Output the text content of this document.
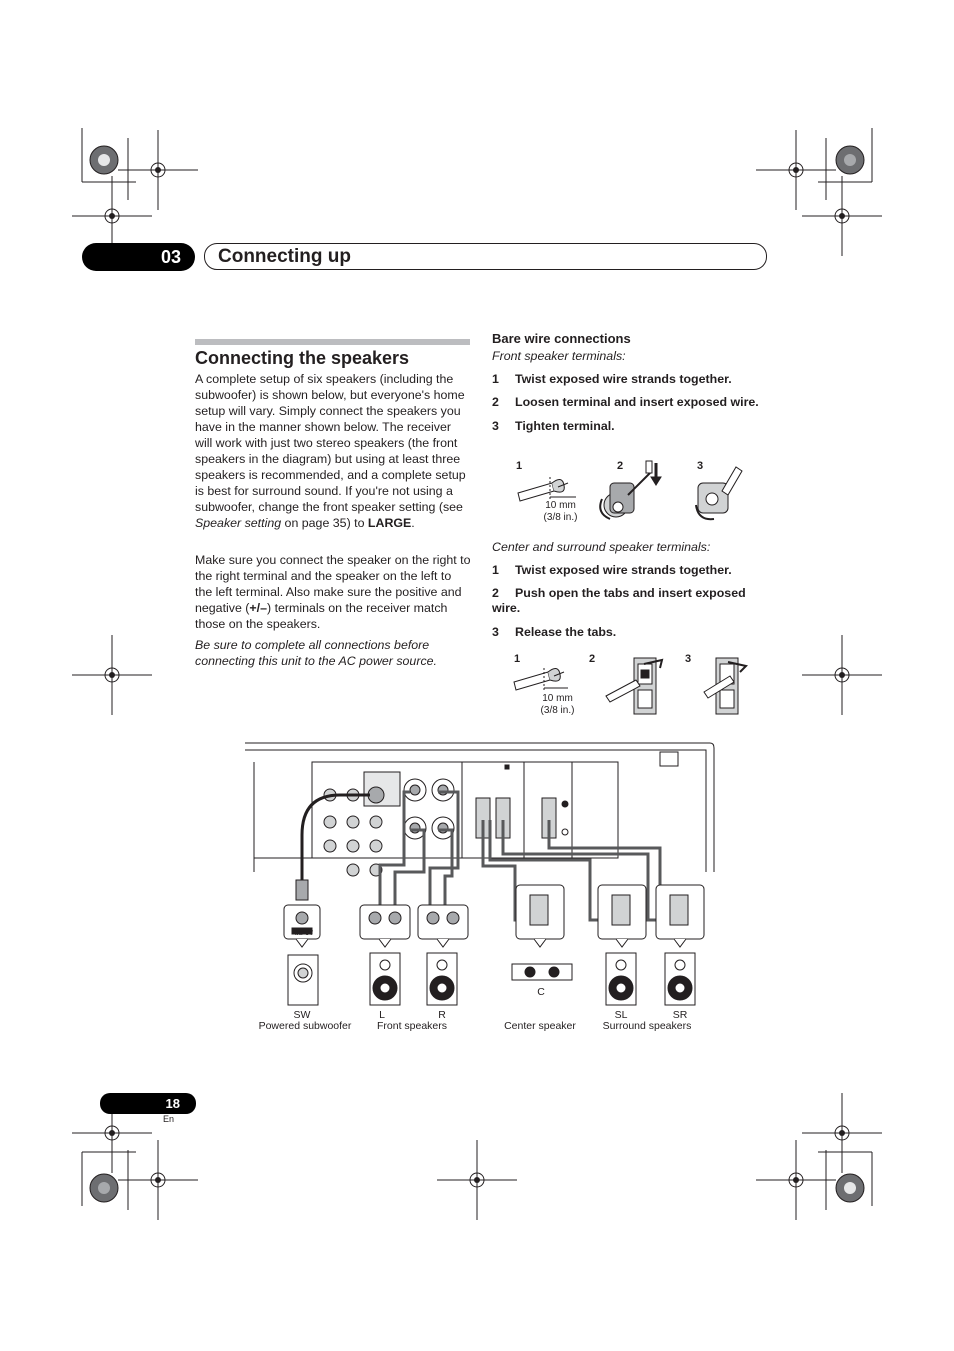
03	Connecting up
Connecting the speakers
A complete setup of six speakers (including the subwoofer) is shown below, but everyone's home setup will vary. Simply connect the speakers you have in the manner shown below. The receiver will work with just two stereo speakers (the front speakers in the diagram) but using at least three speakers is recommended, and a complete setup is best for surround sound. If you're not using a subwoofer, change the front speaker setting (see Speaker setting on page 35) to LARGE.
Make sure you connect the speaker on the right to the right terminal and the speaker on the left to the left terminal. Also make sure the positive and negative (+/–) terminals on the receiver match those on the speakers.
Be sure to complete all connections before connecting this unit to the AC power source.
Bare wire connections
Front speaker terminals:
1 Twist exposed wire strands together.
2 Loosen terminal and insert exposed wire.
3 Tighten terminal.
1	2	3
10 mm
(3/8 in.)
Center and surround speaker terminals:
1 Twist exposed wire strands together.
2 Push open the tabs and insert exposed wire.
3 Release the tabs.
1	2	3
10 mm
(3/8 in.)
INPUT
SW
Powered subwoofer
L	R
Front speakers
C
Center speaker
SL	SR
Surround speakers
18
En
